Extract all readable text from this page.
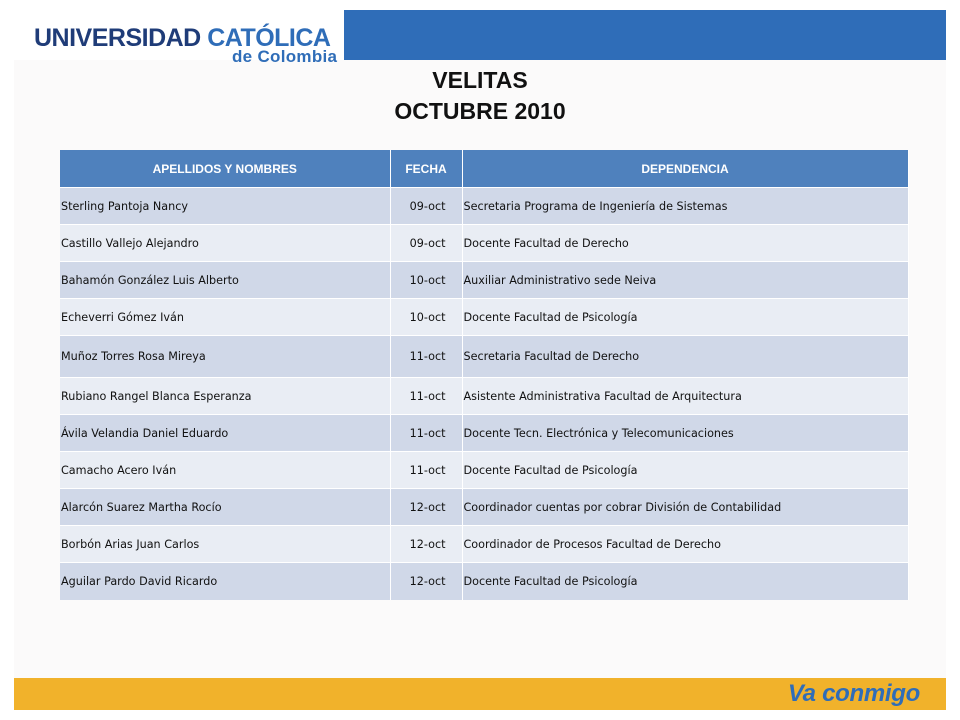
UNIVERSIDAD CATÓLICA
de Colombia
VELITAS
OCTUBRE 2010
APELLIDOS Y NOMBRES	FECHA	DEPENDENCIA
Sterling Pantoja Nancy	09-oct	Secretaria Programa de Ingeniería de Sistemas
Castillo Vallejo Alejandro	09-oct	Docente Facultad de Derecho
Bahamón González Luis Alberto	10-oct	Auxiliar Administrativo sede Neiva
Echeverri Gómez Iván	10-oct	Docente Facultad de Psicología
Muñoz Torres Rosa Mireya	11-oct	Secretaria Facultad de Derecho
Rubiano Rangel Blanca Esperanza	11-oct	Asistente Administrativa Facultad de Arquitectura
Ávila Velandia Daniel Eduardo	11-oct	Docente Tecn. Electrónica y Telecomunicaciones
Camacho Acero Iván	11-oct	Docente Facultad de Psicología
Alarcón Suarez Martha Rocío	12-oct	Coordinador cuentas por cobrar División de Contabilidad
Borbón Arias Juan Carlos	12-oct	Coordinador de Procesos Facultad de Derecho
Aguilar Pardo David Ricardo	12-oct	Docente Facultad de Psicología
Va conmigo
